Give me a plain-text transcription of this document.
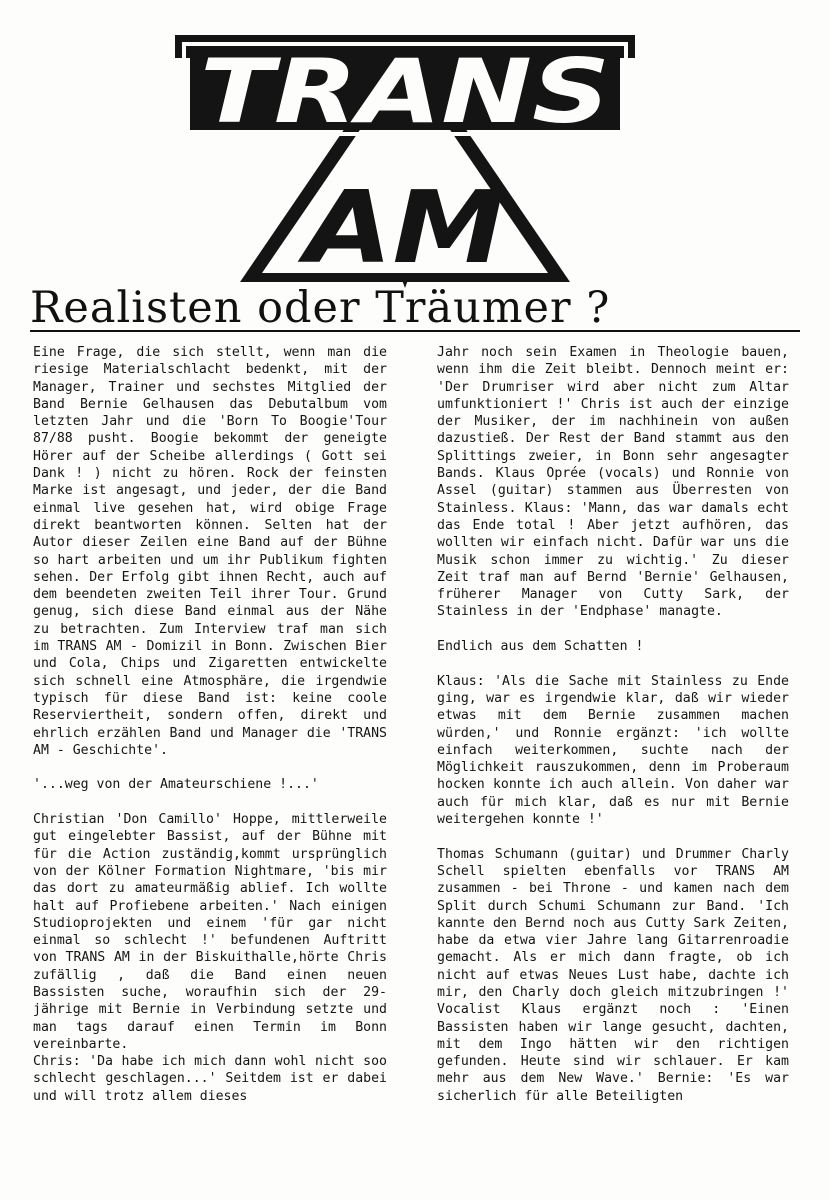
TRANS
AM
Realisten oder Träumer ?

Eine Frage, die sich stellt, wenn man die riesige Materialschlacht bedenkt, mit der Manager, Trainer und sechstes Mitglied der Band Bernie Gelhausen das Debutalbum vom letzten Jahr und die 'Born To Boogie'Tour 87/88 pusht. Boogie bekommt der geneigte Hörer auf der Scheibe allerdings ( Gott sei Dank ! ) nicht zu hören. Rock der feinsten Marke ist angesagt, und jeder, der die Band einmal live gesehen hat, wird obige Frage direkt beantworten können. Selten hat der Autor dieser Zeilen eine Band auf der Bühne so hart arbeiten und um ihr Publikum fighten sehen. Der Erfolg gibt ihnen Recht, auch auf dem beendeten zweiten Teil ihrer Tour. Grund genug, sich diese Band einmal aus der Nähe zu betrachten. Zum Interview traf man sich im TRANS AM - Domizil in Bonn. Zwischen Bier und Cola, Chips und Zigaretten entwickelte sich schnell eine Atmosphäre, die irgendwie typisch für diese Band ist: keine coole Reserviertheit, sondern offen, direkt und ehrlich erzählen Band und Manager die 'TRANS AM - Geschichte'.

'...weg von der Amateurschiene !...'

Christian 'Don Camillo' Hoppe, mittlerweile gut eingelebter Bassist, auf der Bühne mit für die Action zuständig,kommt ursprünglich von der Kölner Formation Nightmare, 'bis mir das dort zu amateurmäßig ablief. Ich wollte halt auf Profiebene arbeiten.' Nach einigen Studioprojekten und einem 'für gar nicht einmal so schlecht !' befundenen Auftritt von TRANS AM in der Biskuithalle,hörte Chris zufällig , daß die Band einen neuen Bassisten suche, woraufhin sich der 29-jährige mit Bernie in Verbindung setzte und man tags darauf einen Termin im Bonn vereinbarte.

Chris: 'Da habe ich mich dann wohl nicht soo schlecht geschlagen...' Seitdem ist er dabei und will trotz allem dieses

Jahr noch sein Examen in Theologie bauen, wenn ihm die Zeit bleibt. Dennoch meint er: 'Der Drumriser wird aber nicht zum Altar umfunktioniert !' Chris ist auch der einzige der Musiker, der im nachhinein von außen dazustieß. Der Rest der Band stammt aus den Splittings zweier, in Bonn sehr angesagter Bands. Klaus Oprée (vocals) und Ronnie von Assel (guitar) stammen aus Überresten von Stainless. Klaus: 'Mann, das war damals echt das Ende total ! Aber jetzt aufhören, das wollten wir einfach nicht. Dafür war uns die Musik schon immer zu wichtig.' Zu dieser Zeit traf man auf Bernd 'Bernie' Gelhausen, früherer Manager von Cutty Sark, der Stainless in der 'Endphase' managte.

Endlich aus dem Schatten !

Klaus: 'Als die Sache mit Stainless zu Ende ging, war es irgendwie klar, daß wir wieder etwas mit dem Bernie zusammen machen würden,' und Ronnie ergänzt: 'ich wollte einfach weiterkommen, suchte nach der Möglichkeit rauszukommen, denn im Proberaum hocken konnte ich auch allein. Von daher war auch für mich klar, daß es nur mit Bernie weitergehen konnte !'

Thomas Schumann (guitar) und Drummer Charly Schell spielten ebenfalls vor TRANS AM zusammen - bei Throne - und kamen nach dem Split durch Schumi Schumann zur Band. 'Ich kannte den Bernd noch aus Cutty Sark Zeiten, habe da etwa vier Jahre lang Gitarrenroadie gemacht. Als er mich dann fragte, ob ich nicht auf etwas Neues Lust habe, dachte ich mir, den Charly doch gleich mitzubringen !' Vocalist Klaus ergänzt noch : 'Einen Bassisten haben wir lange gesucht, dachten, mit dem Ingo hätten wir den richtigen gefunden. Heute sind wir schlauer. Er kam mehr aus dem New Wave.' Bernie: 'Es war sicherlich für alle Beteiligten
